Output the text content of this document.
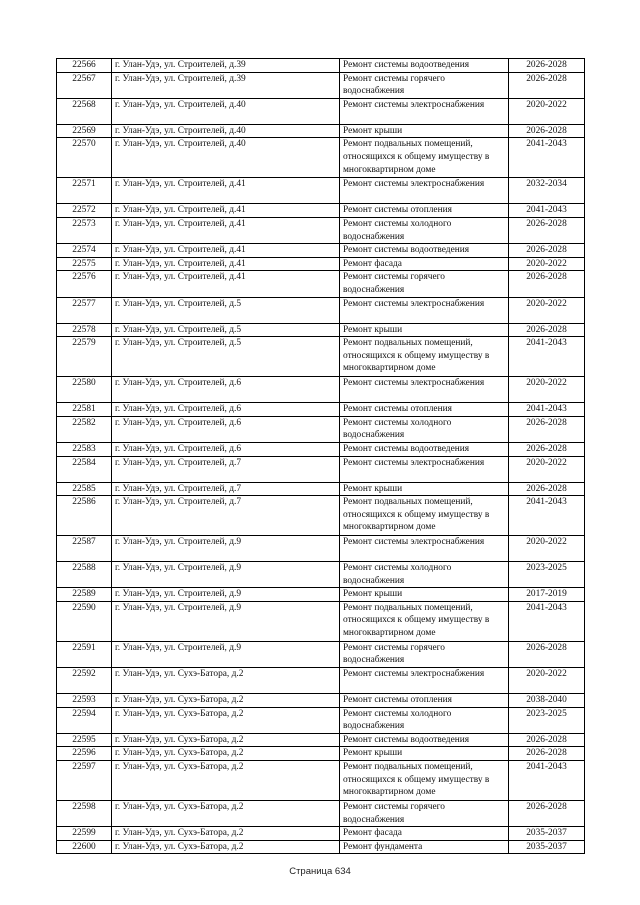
22566	г. Улан-Удэ, ул. Строителей, д.39	Ремонт системы водоотведения	2026-2028
22567	г. Улан-Удэ, ул. Строителей, д.39	Ремонт системы горячего водоснабжения	2026-2028
22568	г. Улан-Удэ, ул. Строителей, д.40	Ремонт системы электроснабжения	2020-2022
22569	г. Улан-Удэ, ул. Строителей, д.40	Ремонт крыши	2026-2028
22570	г. Улан-Удэ, ул. Строителей, д.40	Ремонт подвальных помещений, относящихся к общему имуществу в многоквартирном доме	2041-2043
22571	г. Улан-Удэ, ул. Строителей, д.41	Ремонт системы электроснабжения	2032-2034
22572	г. Улан-Удэ, ул. Строителей, д.41	Ремонт системы отопления	2041-2043
22573	г. Улан-Удэ, ул. Строителей, д.41	Ремонт системы холодного водоснабжения	2026-2028
22574	г. Улан-Удэ, ул. Строителей, д.41	Ремонт системы водоотведения	2026-2028
22575	г. Улан-Удэ, ул. Строителей, д.41	Ремонт фасада	2020-2022
22576	г. Улан-Удэ, ул. Строителей, д.41	Ремонт системы горячего водоснабжения	2026-2028
22577	г. Улан-Удэ, ул. Строителей, д.5	Ремонт системы электроснабжения	2020-2022
22578	г. Улан-Удэ, ул. Строителей, д.5	Ремонт крыши	2026-2028
22579	г. Улан-Удэ, ул. Строителей, д.5	Ремонт подвальных помещений, относящихся к общему имуществу в многоквартирном доме	2041-2043
22580	г. Улан-Удэ, ул. Строителей, д.6	Ремонт системы электроснабжения	2020-2022
22581	г. Улан-Удэ, ул. Строителей, д.6	Ремонт системы отопления	2041-2043
22582	г. Улан-Удэ, ул. Строителей, д.6	Ремонт системы холодного водоснабжения	2026-2028
22583	г. Улан-Удэ, ул. Строителей, д.6	Ремонт системы водоотведения	2026-2028
22584	г. Улан-Удэ, ул. Строителей, д.7	Ремонт системы электроснабжения	2020-2022
22585	г. Улан-Удэ, ул. Строителей, д.7	Ремонт крыши	2026-2028
22586	г. Улан-Удэ, ул. Строителей, д.7	Ремонт подвальных помещений, относящихся к общему имуществу в многоквартирном доме	2041-2043
22587	г. Улан-Удэ, ул. Строителей, д.9	Ремонт системы электроснабжения	2020-2022
22588	г. Улан-Удэ, ул. Строителей, д.9	Ремонт системы холодного водоснабжения	2023-2025
22589	г. Улан-Удэ, ул. Строителей, д.9	Ремонт крыши	2017-2019
22590	г. Улан-Удэ, ул. Строителей, д.9	Ремонт подвальных помещений, относящихся к общему имуществу в многоквартирном доме	2041-2043
22591	г. Улан-Удэ, ул. Строителей, д.9	Ремонт системы горячего водоснабжения	2026-2028
22592	г. Улан-Удэ, ул. Сухэ-Батора, д.2	Ремонт системы электроснабжения	2020-2022
22593	г. Улан-Удэ, ул. Сухэ-Батора, д.2	Ремонт системы отопления	2038-2040
22594	г. Улан-Удэ, ул. Сухэ-Батора, д.2	Ремонт системы холодного водоснабжения	2023-2025
22595	г. Улан-Удэ, ул. Сухэ-Батора, д.2	Ремонт системы водоотведения	2026-2028
22596	г. Улан-Удэ, ул. Сухэ-Батора, д.2	Ремонт крыши	2026-2028
22597	г. Улан-Удэ, ул. Сухэ-Батора, д.2	Ремонт подвальных помещений, относящихся к общему имуществу в многоквартирном доме	2041-2043
22598	г. Улан-Удэ, ул. Сухэ-Батора, д.2	Ремонт системы горячего водоснабжения	2026-2028
22599	г. Улан-Удэ, ул. Сухэ-Батора, д.2	Ремонт фасада	2035-2037
22600	г. Улан-Удэ, ул. Сухэ-Батора, д.2	Ремонт фундамента	2035-2037
Страница 634
